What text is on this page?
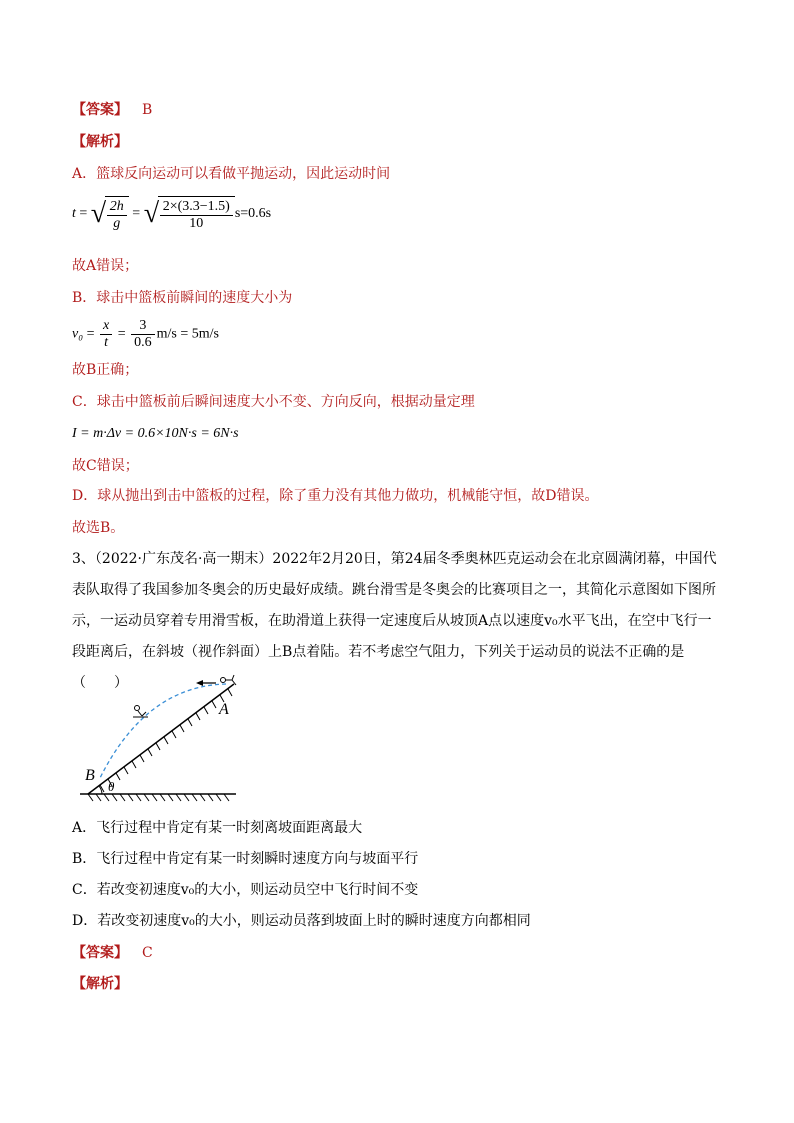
【答案】 B
【解析】
A．篮球反向运动可以看做平抛运动，因此运动时间
t = √ $\frac{2h}{g}$ = √ $\frac{2\times(3.3-1.5)}{10} s=0.6s$
故A错误；
B．球击中篮板前瞬间的速度大小为
$v_0 = \frac{x}{t} = \frac{3}{0.6} m/s = 5m/s$
故B正确；
C．球击中篮板前后瞬间速度大小不变、方向反向，根据动量定理
I = m·Δv = 0.6×10N·s = 6N·s
故C错误；
D．球从抛出到击中篮板的过程，除了重力没有其他力做功，机械能守恒，故D错误。
故选B。
3、（2022·广东茂名·高一期末）2022年2月20日，第24届冬季奥林匹克运动会在北京圆满闭幕，中国代表队取得了我国参加冬奥会的历史最好成绩。跳台滑雪是冬奥会的比赛项目之一，其简化示意图如下图所示，一运动员穿着专用滑雪板，在助滑道上获得一定速度后从坡顶A点以速度v₀水平飞出，在空中飞行一段距离后，在斜坡（视作斜面）上B点着陆。若不考虑空气阻力，下列关于运动员的说法不正确的是（　　）
A
B
θ
A．飞行过程中肯定有某一时刻离坡面距离最大
B．飞行过程中肯定有某一时刻瞬时速度方向与坡面平行
C．若改变初速度v₀的大小，则运动员空中飞行时间不变
D．若改变初速度v₀的大小，则运动员落到坡面上时的瞬时速度方向都相同
【答案】 C
【解析】
